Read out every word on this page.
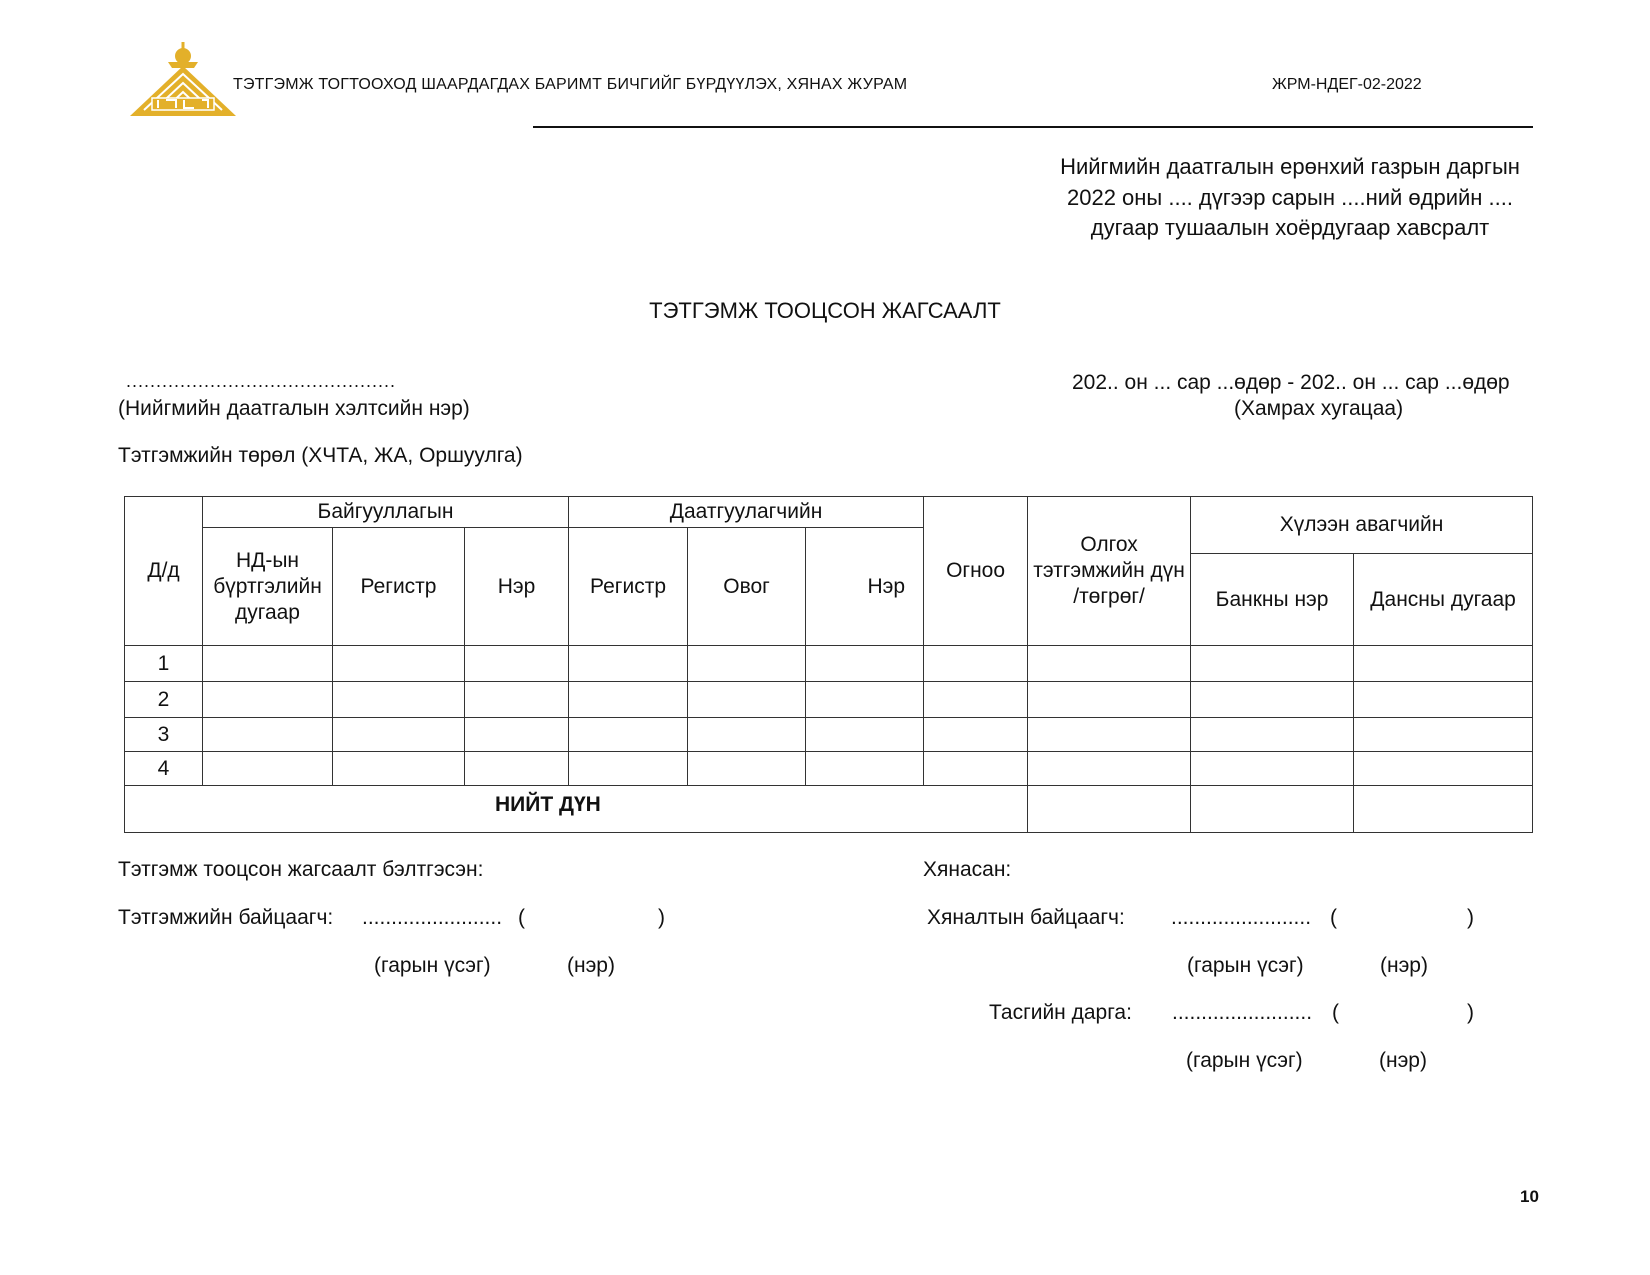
ТЭТГЭМЖ ТОГТООХОД ШААРДАГДАХ БАРИМТ БИЧГИЙГ БҮРДҮҮЛЭХ, ХЯНАХ ЖУРАМ	ЖРМ-НДЕГ-02-2022
Нийгмийн даатгалын ерөнхий газрын даргын
2022 оны .... дүгээр сарын ....ний өдрийн ....
дугаар тушаалын хоёрдугаар хавсралт
ТЭТГЭМЖ ТООЦСОН ЖАГСААЛТ
.............................................
(Нийгмийн даатгалын хэлтсийн нэр)
202.. он ... сар ...өдөр - 202.. он ... сар ...өдөр
(Хамрах хугацаа)
Тэтгэмжийн төрөл (ХЧТА, ЖА, Оршуулга)
Д/д	Байгууллагын			Даатгуулагчийн			Огноо	Олгох тэтгэмжийн дүн /төгрөг/	Хүлээн авагчийн	
	НД-ын бүртгэлийн дугаар	Регистр	Нэр	Регистр	Овог	Нэр				
									Банкны нэр	Дансны дугаар
1										
2										
3										
4										
НИЙТ ДҮН										
Тэтгэмж тооцсон жагсаалт бэлтгэсэн:	Хянасан:
Тэтгэмжийн байцаагч: ........................ (	)
(гарын үсэг)	(нэр)
Хяналтын байцаагч: ........................ (	)
(гарын үсэг)	(нэр)
Тасгийн дарга: ........................ (	)
(гарын үсэг)	(нэр)
10
